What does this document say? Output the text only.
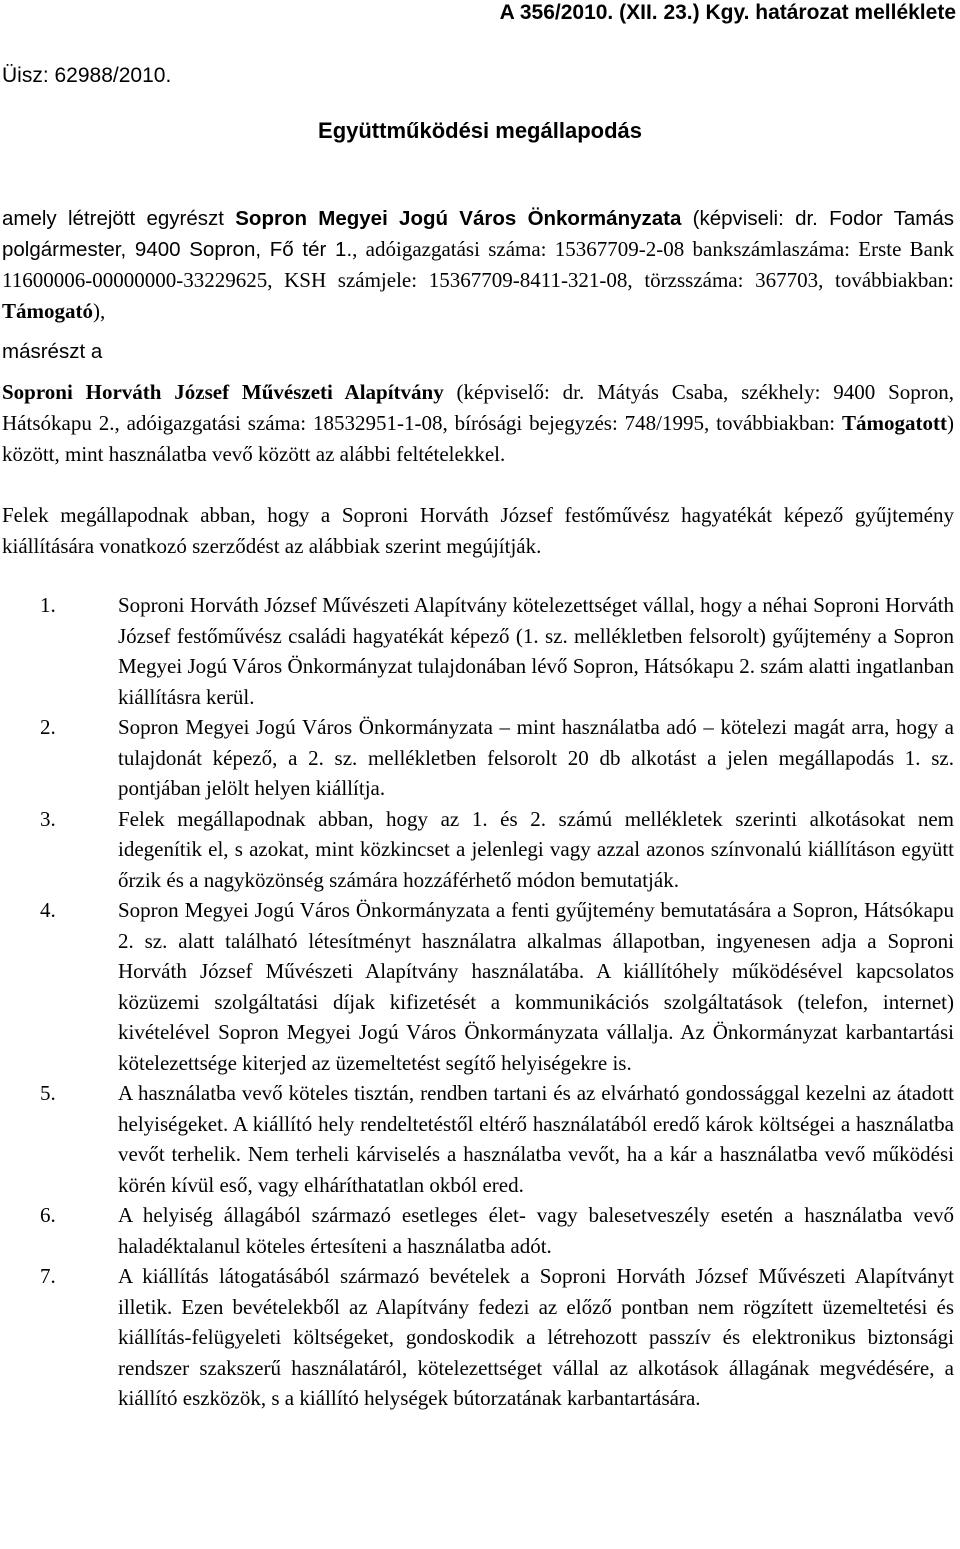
A 356/2010. (XII. 23.) Kgy. határozat melléklete
Üisz: 62988/2010.
Együttműködési megállapodás
amely létrejött egyrészt Sopron Megyei Jogú Város Önkormányzata (képviseli: dr. Fodor Tamás polgármester, 9400 Sopron, Fő tér 1., adóigazgatási száma: 15367709-2-08 bankszámlaszáma: Erste Bank 11600006-00000000-33229625, KSH számjele: 15367709-8411-321-08, törzsszáma: 367703, továbbiakban: Támogató),
másrészt a
Soproni Horváth József Művészeti Alapítvány (képviselő: dr. Mátyás Csaba, székhely: 9400 Sopron, Hátsókapu 2., adóigazgatási száma: 18532951-1-08, bírósági bejegyzés: 748/1995, továbbiakban: Támogatott) között, mint használatba vevő között az alábbi feltételekkel.
Felek megállapodnak abban, hogy a Soproni Horváth József festőművész hagyatékát képező gyűjtemény kiállítására vonatkozó szerződést az alábbiak szerint megújítják.
1.	Soproni Horváth József Művészeti Alapítvány kötelezettséget vállal, hogy a néhai Soproni Horváth József festőművész családi hagyatékát képező (1. sz. mellékletben felsorolt) gyűjtemény a Sopron Megyei Jogú Város Önkormányzat tulajdonában lévő Sopron, Hátsókapu 2. szám alatti ingatlanban kiállításra kerül.
2.	Sopron Megyei Jogú Város Önkormányzata – mint használatba adó – kötelezi magát arra, hogy a tulajdonát képező, a 2. sz. mellékletben felsorolt 20 db alkotást a jelen megállapodás 1. sz. pontjában jelölt helyen kiállítja.
3.	Felek megállapodnak abban, hogy az 1. és 2. számú mellékletek szerinti alkotásokat nem idegenítik el, s azokat, mint közkincset a jelenlegi vagy azzal azonos színvonalú kiállításon együtt őrzik és a nagyközönség számára hozzáférhető módon bemutatják.
4.	Sopron Megyei Jogú Város Önkormányzata a fenti gyűjtemény bemutatására a Sopron, Hátsókapu 2. sz. alatt található létesítményt használatra alkalmas állapotban, ingyenesen adja a Soproni Horváth József Művészeti Alapítvány használatába. A kiállítóhely működésével kapcsolatos közüzemi szolgáltatási díjak kifizetését a kommunikációs szolgáltatások (telefon, internet) kivételével Sopron Megyei Jogú Város Önkormányzata vállalja. Az Önkormányzat karbantartási kötelezettsége kiterjed az üzemeltetést segítő helyiségekre is.
5.	A használatba vevő köteles tisztán, rendben tartani és az elvárható gondossággal kezelni az átadott helyiségeket. A kiállító hely rendeltetéstől eltérő használatából eredő károk költségei a használatba vevőt terhelik. Nem terheli kárviselés a használatba vevőt, ha a kár a használatba vevő működési körén kívül eső, vagy elháríthatatlan okból ered.
6.	A helyiség állagából származó esetleges élet- vagy balesetveszély esetén a használatba vevő haladéktalanul köteles értesíteni a használatba adót.
7.	A kiállítás látogatásából származó bevételek a Soproni Horváth József Művészeti Alapítványt illetik. Ezen bevételekből az Alapítvány fedezi az előző pontban nem rögzített üzemeltetési és kiállítás-felügyeleti költségeket, gondoskodik a létrehozott passzív és elektronikus biztonsági rendszer szakszerű használatáról, kötelezettséget vállal az alkotások állagának megvédésére, a kiállító eszközök, s a kiállító helységek bútorzatának karbantartására.
